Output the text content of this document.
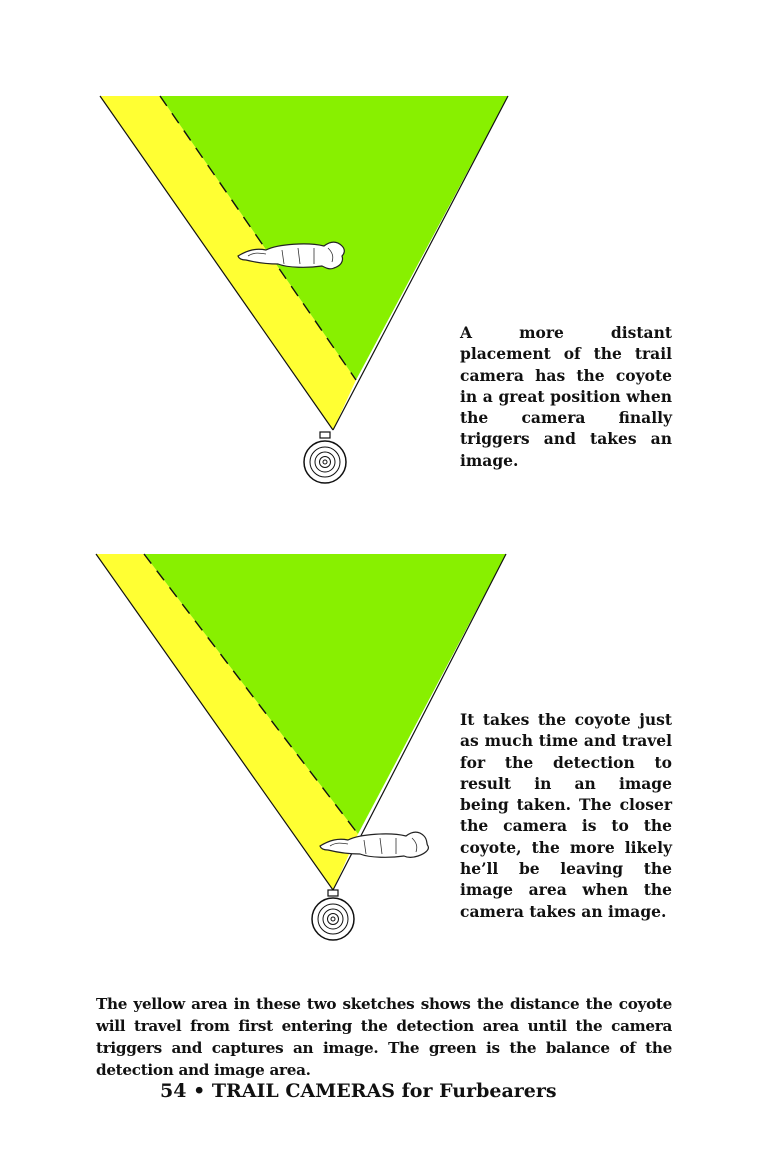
A more distant placement of the trail camera has the coyote in a great position when the camera finally triggers and takes an image.
It takes the coyote just as much time and travel for the detection to result in an image being taken. The closer the camera is to the coyote, the more likely he’ll be leaving the image area when the camera takes an image.
The yellow area in these two sketches shows the distance the coyote will travel from first entering the detection area until the camera triggers and captures an image. The green is the balance of the detection and image area.
54 • TRAIL CAMERAS for Furbearers
